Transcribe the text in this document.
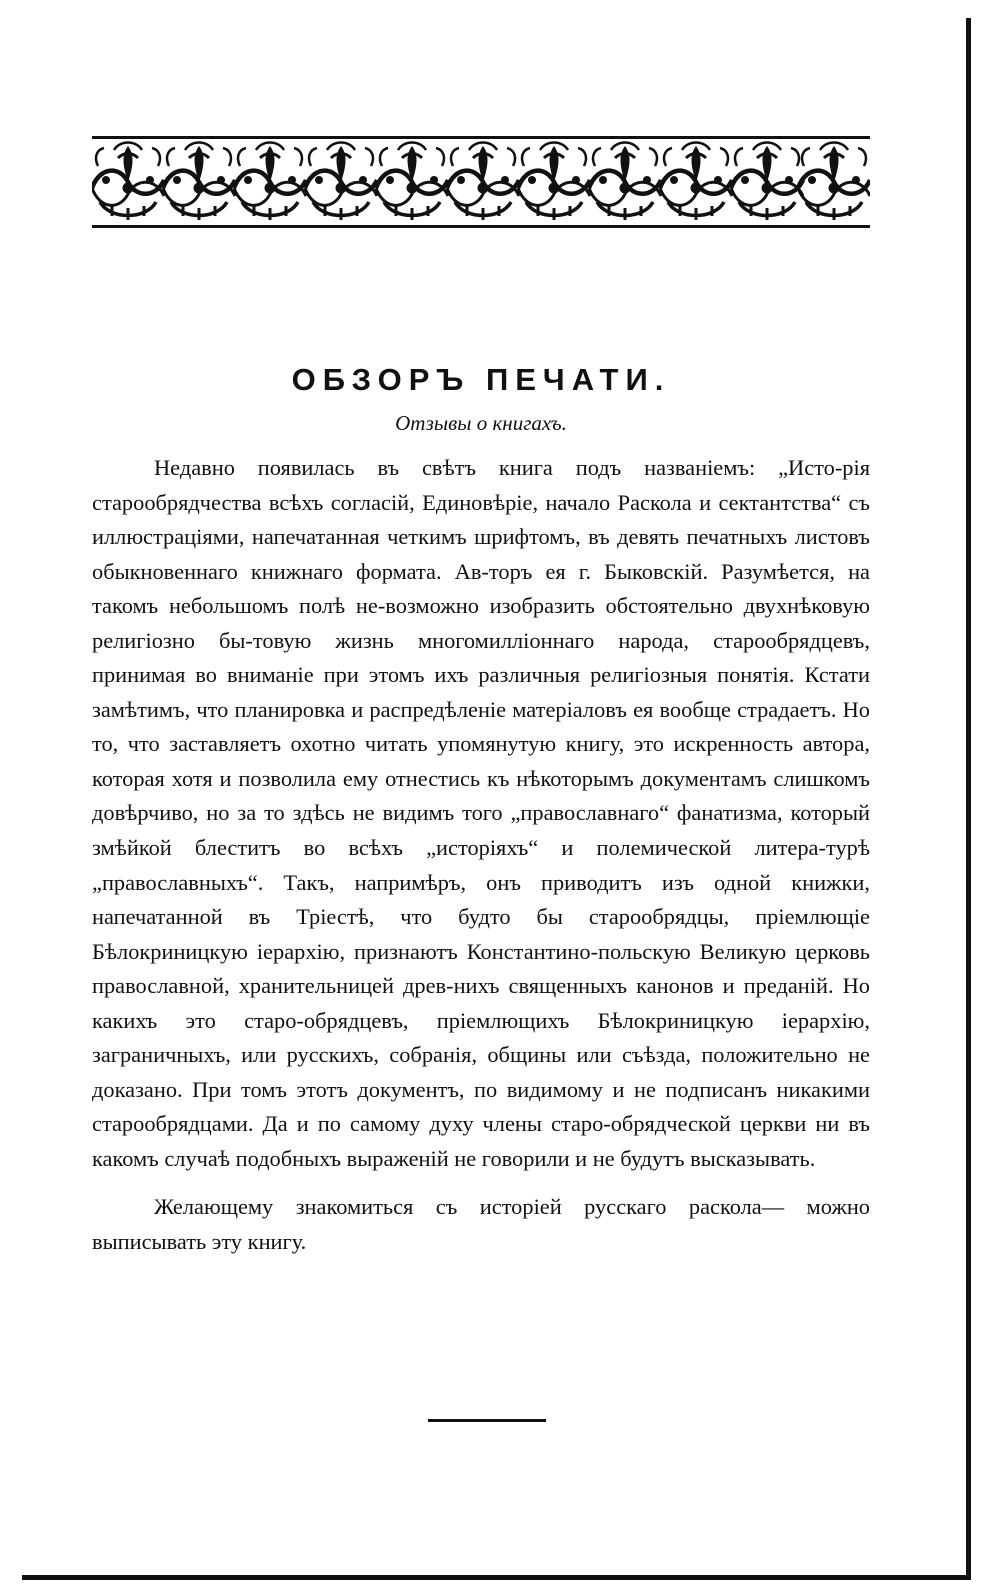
ОБЗОРЪ ПЕЧАТИ.
Отзывы о книгахъ.

Недавно появилась въ свѣтъ книга подъ названіемъ: „Исто-рія старообрядчества всѣхъ согласій, Единовѣріе, начало Раскола и сектантства“ съ иллюстраціями, напечатанная четкимъ шрифтомъ, въ девять печатныхъ листовъ обыкновеннаго книжнаго формата. Ав-торъ ея г. Быковскій. Разумѣется, на такомъ небольшомъ полѣ не-возможно изобразить обстоятельно двухнѣковую религіозно бы-товую жизнь многомилліоннаго народа, старообрядцевъ, принимая во вниманіе при этомъ ихъ различныя религіозныя понятія. Кстати замѣтимъ, что планировка и распредѣленіе матеріаловъ ея вообще страдаетъ. Но то, что заставляетъ охотно читать упомянутую книгу, это искренность автора, которая хотя и позволила ему отнестись къ нѣкоторымъ документамъ слишкомъ довѣрчиво, но за то здѣсь не видимъ того „православнаго“ фанатизма, который змѣйкой блеститъ во всѣхъ „исторіяхъ“ и полемической литера-турѣ „православныхъ“. Такъ, напримѣръ, онъ приводитъ изъ одной книжки, напечатанной въ Тріестѣ, что будто бы старообрядцы, пріемлющіе Бѣлокриницкую іерархію, признаютъ Константино-польскую Великую церковь православной, хранительницей древ-нихъ священныхъ канонов и преданій. Но какихъ это старо-обрядцевъ, пріемлющихъ Бѣлокриницкую іерархію, заграничныхъ, или русскихъ, собранія, общины или съѣзда, положительно не доказано. При томъ этотъ документъ, по видимому и не подписанъ никакими старообрядцами. Да и по самому духу члены старо-обрядческой церкви ни въ какомъ случаѣ подобныхъ выраженій не говорили и не будутъ высказывать.

Желающему знакомиться съ исторіей русскаго раскола— можно выписывать эту книгу.
